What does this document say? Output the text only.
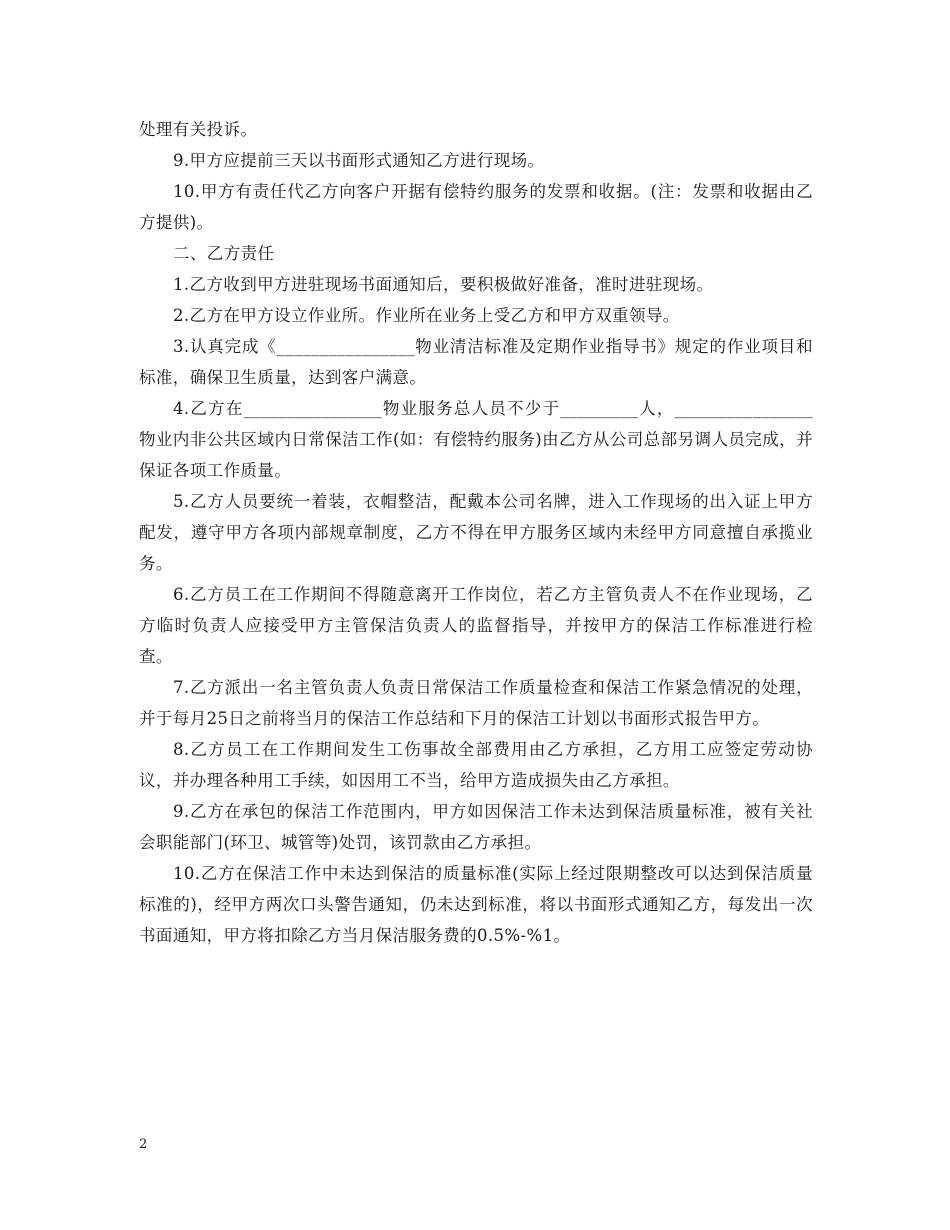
处理有关投诉。

9.甲方应提前三天以书面形式通知乙方进行现场。

10.甲方有责任代乙方向客户开据有偿特约服务的发票和收据。(注：发票和收据由乙方提供)。

二、乙方责任

1.乙方收到甲方进驻现场书面通知后，要积极做好准备，准时进驻现场。

2.乙方在甲方设立作业所。作业所在业务上受乙方和甲方双重领导。

3.认真完成《________________物业清洁标准及定期作业指导书》规定的作业项目和标准，确保卫生质量，达到客户满意。

4.乙方在________________物业服务总人员不少于_________人，________________物业内非公共区域内日常保洁工作(如：有偿特约服务)由乙方从公司总部另调人员完成，并保证各项工作质量。

5.乙方人员要统一着装，衣帽整洁，配戴本公司名牌，进入工作现场的出入证上甲方配发，遵守甲方各项内部规章制度，乙方不得在甲方服务区域内未经甲方同意擅自承揽业务。

6.乙方员工在工作期间不得随意离开工作岗位，若乙方主管负责人不在作业现场，乙方临时负责人应接受甲方主管保洁负责人的监督指导，并按甲方的保洁工作标准进行检查。

7.乙方派出一名主管负责人负责日常保洁工作质量检查和保洁工作紧急情况的处理，并于每月25日之前将当月的保洁工作总结和下月的保洁工计划以书面形式报告甲方。

8.乙方员工在工作期间发生工伤事故全部费用由乙方承担，乙方用工应签定劳动协议，并办理各种用工手续，如因用工不当，给甲方造成损失由乙方承担。

9.乙方在承包的保洁工作范围内，甲方如因保洁工作未达到保洁质量标准，被有关社会职能部门(环卫、城管等)处罚，该罚款由乙方承担。

10.乙方在保洁工作中未达到保洁的质量标准(实际上经过限期整改可以达到保洁质量标准的)，经甲方两次口头警告通知，仍未达到标准，将以书面形式通知乙方，每发出一次书面通知，甲方将扣除乙方当月保洁服务费的0.5%-%1。

2
